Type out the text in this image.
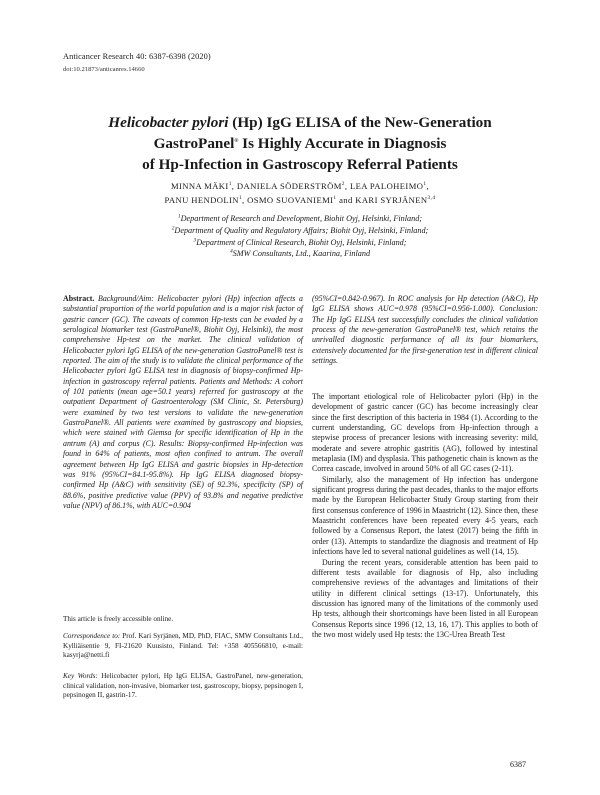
Anticancer Research 40: 6387-6398 (2020)
doi:10.21873/anticanres.14660
Helicobacter pylori (Hp) IgG ELISA of the New-Generation
GastroPanel® Is Highly Accurate in Diagnosis
of Hp-Infection in Gastroscopy Referral Patients
MINNA MÄKI$^1$, DANIELA SÖDERSTRÖM$^2$, LEA PALOHEIMO$^1$,
PANU HENDOLIN$^1$, OSMO SUOVANIEMI$^1$ and KARI SYRJÄNEN$^{3,4}$
$^1$Department of Research and Development, Biohit Oyj, Helsinki, Finland;
$^2$Department of Quality and Regulatory Affairs; Biohit Oyj, Helsinki, Finland;
$^3$Department of Clinical Research, Biohit Oyj, Helsinki, Finland;
$^4$SMW Consultants, Ltd., Kaarina, Finland
Abstract. Background/Aim: Helicobacter pylori (Hp) infection affects a substantial proportion of the world population and is a major risk factor of gastric cancer (GC). The caveats of common Hp-tests can be evaded by a serological biomarker test (GastroPanel®, Biohit Oyj, Helsinki), the most comprehensive Hp-test on the market. The clinical validation of Helicobacter pylori IgG ELISA of the new-generation GastroPanel® test is reported. The aim of the study is to validate the clinical performance of the Helicobacter pylori IgG ELISA test in diagnosis of biopsy-confirmed Hp-infection in gastroscopy referral patients. Patients and Methods: A cohort of 101 patients (mean age=50.1 years) referred for gastroscopy at the outpatient Department of Gastroenterology (SM Clinic, St. Petersburg) were examined by two test versions to validate the new-generation GastroPanel®. All patients were examined by gastroscopy and biopsies, which were stained with Giemsa for specific identification of Hp in the antrum (A) and corpus (C). Results: Biopsy-confirmed Hp-infection was found in 64% of patients, most often confined to antrum. The overall agreement between Hp IgG ELISA and gastric biopsies in Hp-detection was 91% (95%CI=84.1-95.8%). Hp IgG ELISA diagnosed biopsy-confirmed Hp (A&C) with sensitivity (SE) of 92.3%, specificity (SP) of 88.6%, positive predictive value (PPV) of 93.8% and negative predictive value (NPV) of 86.1%, with AUC=0.904
(95%CI=0.842-0.967). In ROC analysis for Hp detection (A&C), Hp IgG ELISA shows AUC=0.978 (95%CI=0.956-1.000). Conclusion: The Hp IgG ELISA test successfully concludes the clinical validation process of the new-generation GastroPanel® test, which retains the unrivalled diagnostic performance of all its four biomarkers, extensively documented for the first-generation test in different clinical settings.

The important etiological role of Helicobacter pylori (Hp) in the development of gastric cancer (GC) has become increasingly clear since the first description of this bacteria in 1984 (1). According to the current understanding, GC develops from Hp-infection through a stepwise process of precancer lesions with increasing severity: mild, moderate and severe atrophic gastritis (AG), followed by intestinal metaplasia (IM) and dysplasia. This pathogenetic chain is known as the Correa cascade, involved in around 50% of all GC cases (2-11).

Similarly, also the management of Hp infection has undergone significant progress during the past decades, thanks to the major efforts made by the European Helicobacter Study Group starting from their first consensus conference of 1996 in Maastricht (12). Since then, these Maastricht conferences have been repeated every 4-5 years, each followed by a Consensus Report, the latest (2017) being the fifth in order (13). Attempts to standardize the diagnosis and treatment of Hp infections have led to several national guidelines as well (14, 15).

During the recent years, considerable attention has been paid to different tests available for diagnosis of Hp, also including comprehensive reviews of the advantages and limitations of their utility in different clinical settings (13-17). Unfortunately, this discussion has ignored many of the limitations of the commonly used Hp tests, although their shortcomings have been listed in all European Consensus Reports since 1996 (12, 13, 16, 17). This applies to both of the two most widely used Hp tests: the 13C-Urea Breath Test

This article is freely accessible online.
Correspondence to: Prof. Kari Syrjänen, MD, PhD, FIAC, SMW Consultants Ltd., Kylliäisentie 9, FI-21620 Kuusisto, Finland. Tel: +358 405566810, e-mail: kasyrja@netti.fi
Key Words: Helicobacter pylori, Hp IgG ELISA, GastroPanel, new-generation, clinical validation, non-invasive, biomarker test, gastroscopy, biopsy, pepsinogen I, pepsinogen II, gastrin-17.
6387
